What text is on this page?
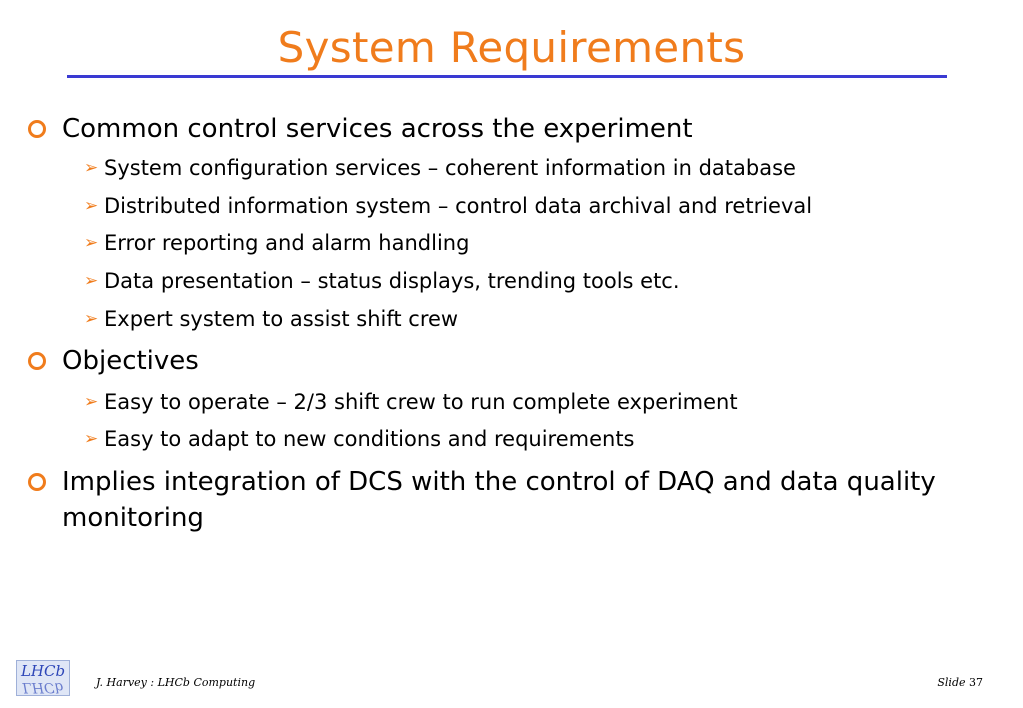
System Requirements
Common control services across the experiment
➢ System configuration services – coherent information in database
➢ Distributed information system – control data archival and retrieval
➢ Error reporting and alarm handling
➢ Data presentation – status displays, trending tools etc.
➢ Expert system to assist shift crew
Objectives
➢ Easy to operate – 2/3 shift crew to run complete experiment
➢ Easy to adapt to new conditions and requirements
Implies integration of DCS with the control of DAQ and data quality monitoring
LHCb
LHCb	J. Harvey : LHCb Computing	Slide 37
